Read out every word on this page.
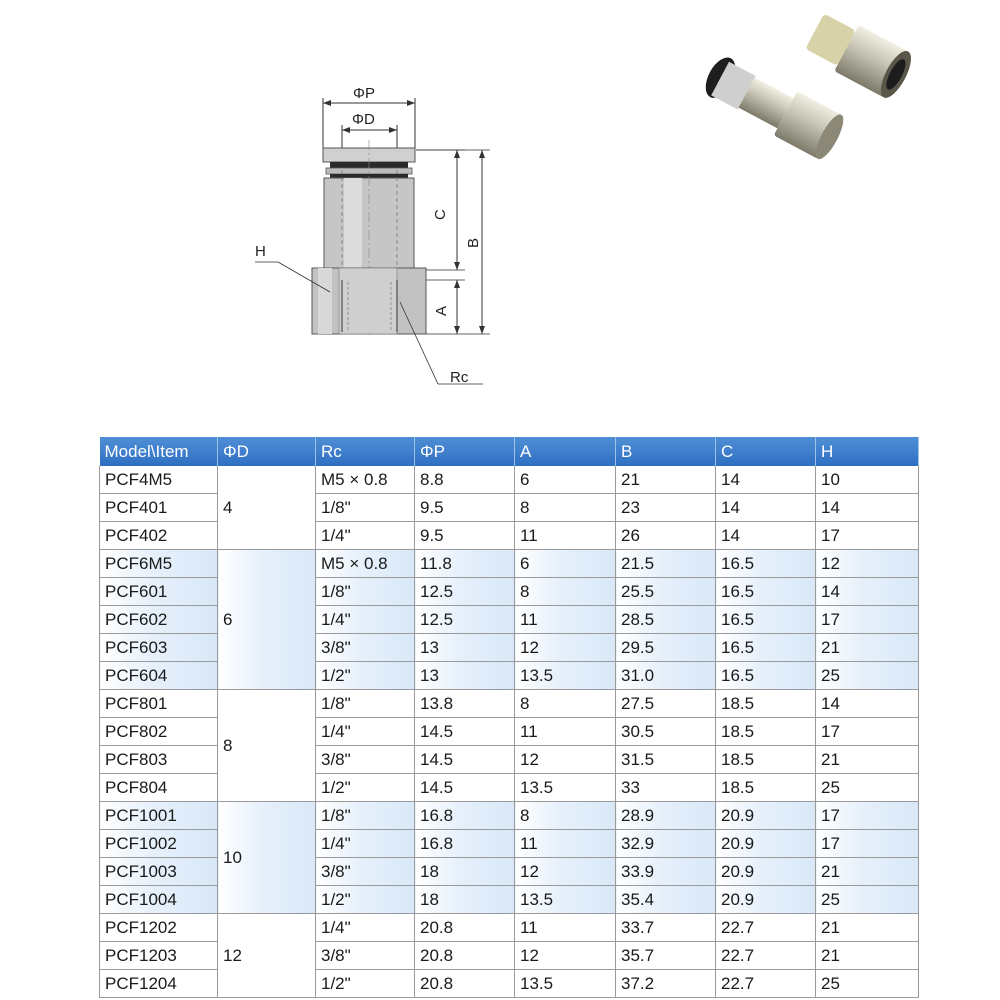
ΦP
ΦD
C
B
A
H
Rc
Model\Item	ΦD	Rc	ΦP	A	B	C	H
PCF4M5	4	M5 × 0.8	8.8	6	21	14	10
PCF401		1/8"	9.5	8	23	14	14
PCF402		1/4"	9.5	11	26	14	17
PCF6M5	6	M5 × 0.8	11.8	6	21.5	16.5	12
PCF601		1/8"	12.5	8	25.5	16.5	14
PCF602		1/4"	12.5	11	28.5	16.5	17
PCF603		3/8"	13	12	29.5	16.5	21
PCF604		1/2"	13	13.5	31.0	16.5	25
PCF801	8	1/8"	13.8	8	27.5	18.5	14
PCF802		1/4"	14.5	11	30.5	18.5	17
PCF803		3/8"	14.5	12	31.5	18.5	21
PCF804		1/2"	14.5	13.5	33	18.5	25
PCF1001	10	1/8"	16.8	8	28.9	20.9	17
PCF1002		1/4"	16.8	11	32.9	20.9	17
PCF1003		3/8"	18	12	33.9	20.9	21
PCF1004		1/2"	18	13.5	35.4	20.9	25
PCF1202	12	1/4"	20.8	11	33.7	22.7	21
PCF1203		3/8"	20.8	12	35.7	22.7	21
PCF1204		1/2"	20.8	13.5	37.2	22.7	25
